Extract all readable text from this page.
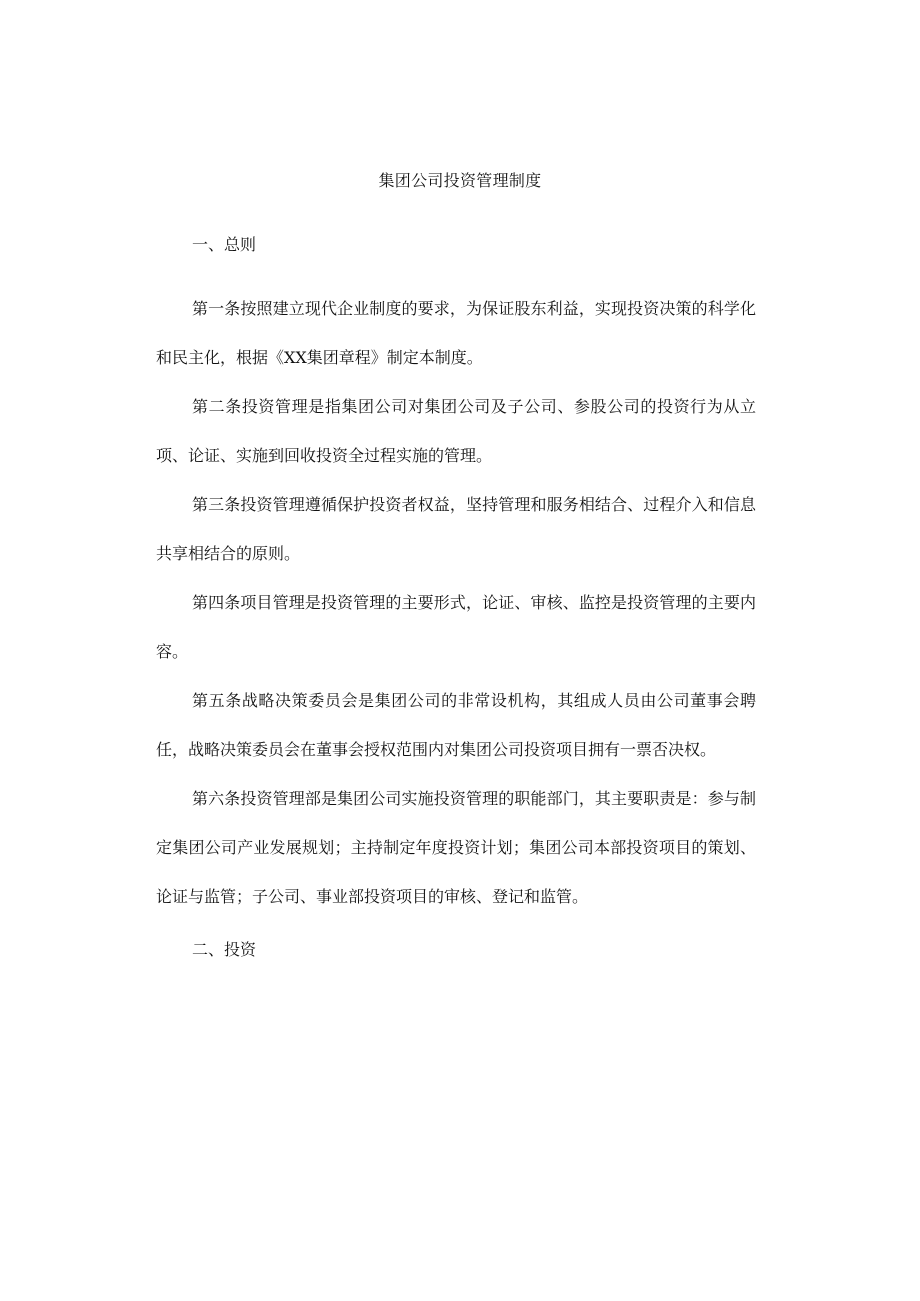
集团公司投资管理制度

一、总则

第一条按照建立现代企业制度的要求，为保证股东利益，实现投资决策的科学化和民主化，根据《XX集团章程》制定本制度。

第二条投资管理是指集团公司对集团公司及子公司、参股公司的投资行为从立项、论证、实施到回收投资全过程实施的管理。

第三条投资管理遵循保护投资者权益，坚持管理和服务相结合、过程介入和信息共享相结合的原则。

第四条项目管理是投资管理的主要形式，论证、审核、监控是投资管理的主要内容。

第五条战略决策委员会是集团公司的非常设机构，其组成人员由公司董事会聘任，战略决策委员会在董事会授权范围内对集团公司投资项目拥有一票否决权。

第六条投资管理部是集团公司实施投资管理的职能部门，其主要职责是：参与制定集团公司产业发展规划；主持制定年度投资计划；集团公司本部投资项目的策划、论证与监管；子公司、事业部投资项目的审核、登记和监管。

二、投资
